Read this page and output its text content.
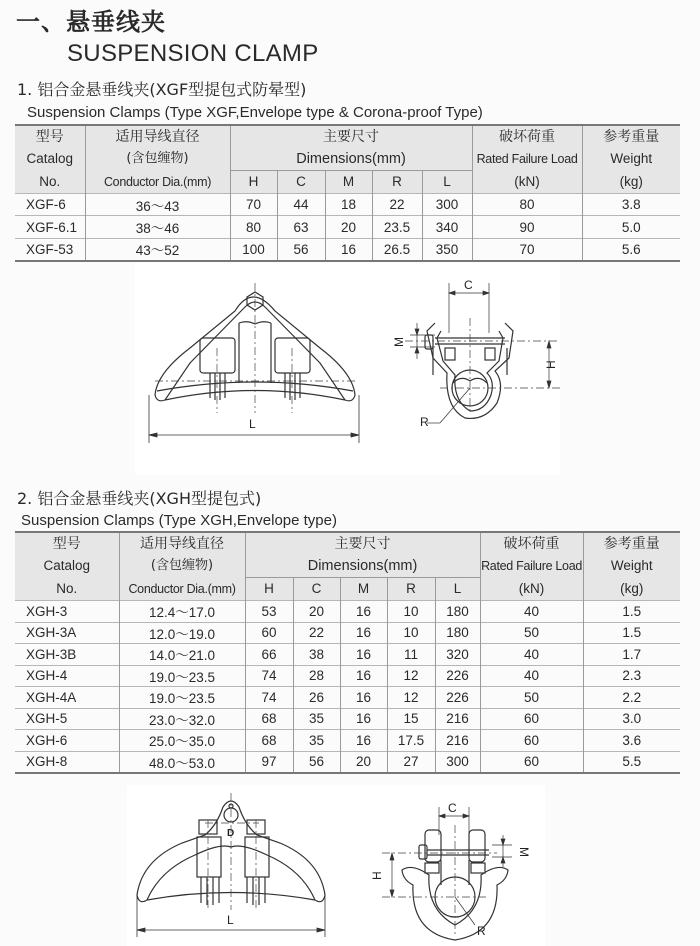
一、悬垂线夹
SUSPENSION CLAMP
1. 铝合金悬垂线夹(XGF型提包式防晕型)
Suspension Clamps (Type XGF,Envelope type & Corona-proof Type)
型号	适用导线直径	主要尺寸					破坏荷重	参考重量
Catalog	(含包缠物)	Dimensions(mm)					Rated Failure Load	Weight
No.	Conductor Dia.(mm)	H	C	M	R	L	(kN)	(kg)
XGF-6	36～43	70	44	18	22	300	80	3.8
XGF-6.1	38～46	80	63	20	23.5	340	90	5.0
XGF-53	43～52	100	56	16	26.5	350	70	5.6
L
C
M
H
R
2. 铝合金悬垂线夹(XGH型提包式)
Suspension Clamps (Type XGH,Envelope type)
型号	适用导线直径	主要尺寸					破坏荷重	参考重量
Catalog	(含包缠物)	Dimensions(mm)					Rated Failure Load	Weight
No.	Conductor Dia.(mm)	H	C	M	R	L	(kN)	(kg)
XGH-3	12.4～17.0	53	20	16	10	180	40	1.5
XGH-3A	12.0～19.0	60	22	16	10	180	50	1.5
XGH-3B	14.0～21.0	66	38	16	11	320	40	1.7
XGH-4	19.0～23.5	74	28	16	12	226	40	2.3
XGH-4A	19.0～23.5	74	26	16	12	226	50	2.2
XGH-5	23.0～32.0	68	35	16	15	216	60	3.0
XGH-6	25.0～35.0	68	35	16	17.5	216	60	3.6
XGH-8	48.0～53.0	97	56	20	27	300	60	5.5
D
L
C
M
H
R
